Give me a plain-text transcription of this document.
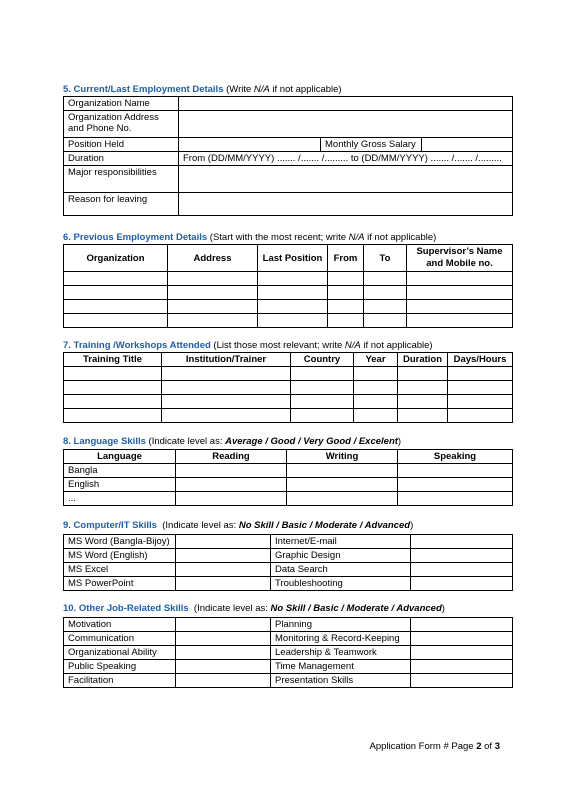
5. Current/Last Employment Details (Write N/A if not applicable)
Organization Name			
Organization Address
and Phone No.			
Position Held		Monthly Gross Salary	
Duration	From (DD/MM/YYYY) ....... /....... /......... to (DD/MM/YYYY) ....... /....... /.........		
Major responsibilities			
Reason for leaving			
6. Previous Employment Details (Start with the most recent; write N/A if not applicable)
Organization	Address	Last Position	From	To	Supervisor’s Name and Mobile no.

7. Training /Workshops Attended (List those most relevant; write N/A if not applicable)
Training Title	Institution/Trainer	Country	Year	Duration	Days/Hours

8. Language Skills (Indicate level as: Average / Good / Very Good / Excelent)
Language	Reading	Writing	Speaking
Bangla			
English			
...			
9. Computer/IT Skills  (Indicate level as: No Skill / Basic / Moderate / Advanced)
MS Word (Bangla-Bijoy)		Internet/E-mail	
MS Word (English)		Graphic Design	
MS Excel		Data Search	
MS PowerPoint		Troubleshooting	
10. Other Job-Related Skills  (Indicate level as: No Skill / Basic / Moderate / Advanced)
Motivation		Planning	
Communication		Monitoring & Record-Keeping	
Organizational Ability		Leadership & Teamwork	
Public Speaking		Time Management	
Facilitation		Presentation Skills	
Application Form # Page 2 of 3
